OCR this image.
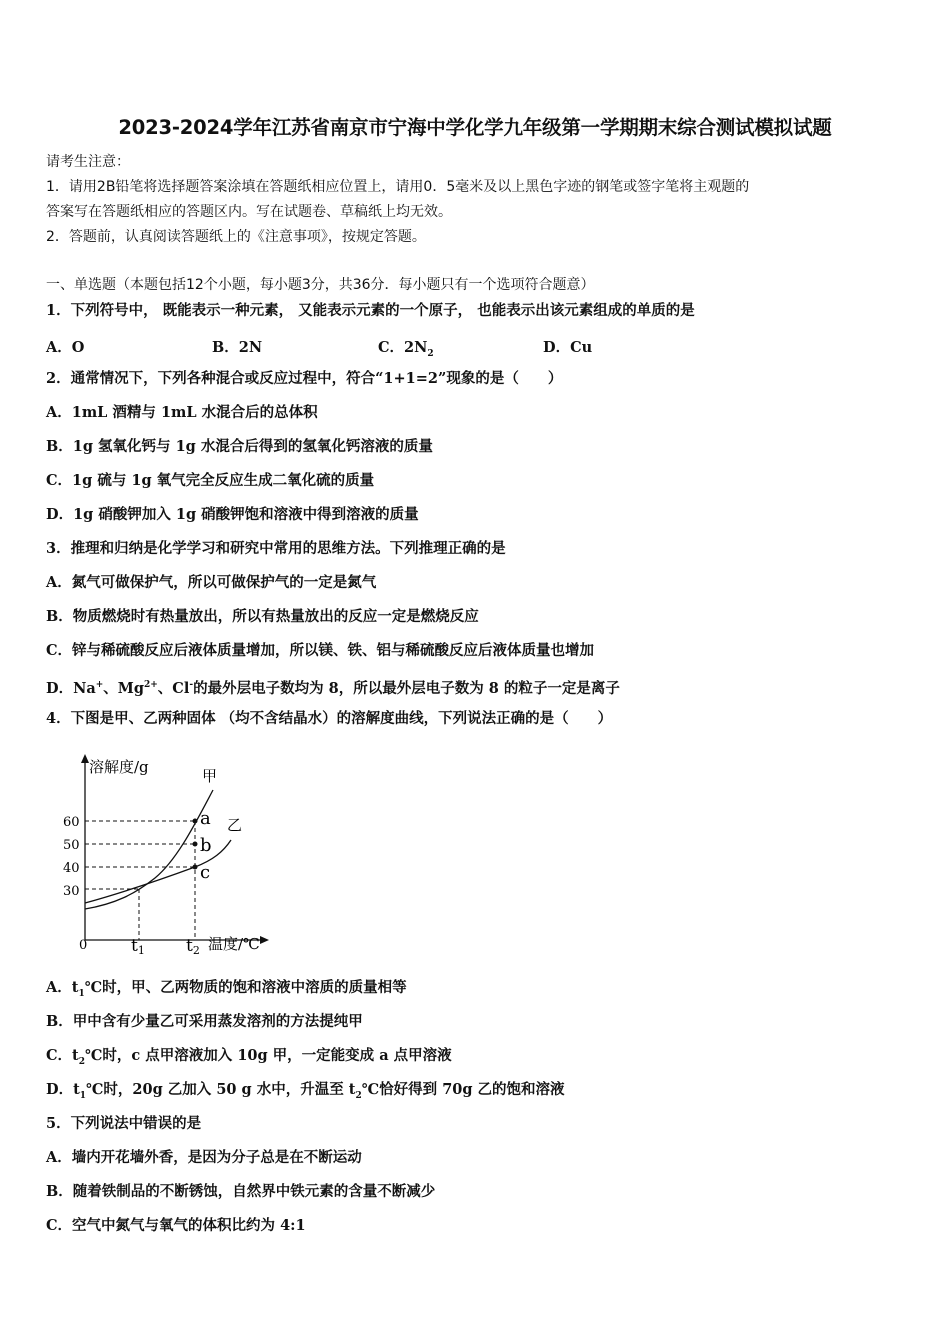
2023-2024学年江苏省南京市宁海中学化学九年级第一学期期末综合测试模拟试题
请考生注意：
1．请用2B铅笔将选择题答案涂填在答题纸相应位置上，请用0．5毫米及以上黑色字迹的钢笔或签字笔将主观题的
答案写在答题纸相应的答题区内。写在试题卷、草稿纸上均无效。
2．答题前，认真阅读答题纸上的《注意事项》，按规定答题。
一、单选题（本题包括12个小题，每小题3分，共36分．每小题只有一个选项符合题意）
1．下列符号中， 既能表示一种元素， 又能表示元素的一个原子， 也能表示出该元素组成的单质的是
A．O	B．2N	C．$2N_2$	D．Cu
2．通常情况下，下列各种混合或反应过程中，符合“1+1=2”现象的是（　　）
A．1mL 酒精与 1mL 水混合后的总体积
B．1g 氢氧化钙与 1g 水混合后得到的氢氧化钙溶液的质量
C．1g 硫与 1g 氧气完全反应生成二氧化硫的质量
D．1g 硝酸钾加入 1g 硝酸钾饱和溶液中得到溶液的质量
3．推理和归纳是化学学习和研究中常用的思维方法。下列推理正确的是
A．氮气可做保护气，所以可做保护气的一定是氮气
B．物质燃烧时有热量放出，所以有热量放出的反应一定是燃烧反应
C．锌与稀硫酸反应后液体质量增加，所以镁、铁、铝与稀硫酸反应后液体质量也增加
D．Na+、$Mg^{2+}$、Cl-的最外层电子数均为 8，所以最外层电子数为 8 的粒子一定是离子
4．下图是甲、乙两种固体 （均不含结晶水）的溶解度曲线，下列说法正确的是（　　）
溶解度/g
60
50
40
30
0	t1 t2 温度/℃
甲
乙
a
b
c
A．$t_1℃$时，甲、乙两物质的饱和溶液中溶质的质量相等
B．甲中含有少量乙可采用蒸发溶剂的方法提纯甲
C．$t_2℃$时，c 点甲溶液加入 10g 甲，一定能变成 a 点甲溶液
D．$t_1℃$时，20g 乙加入 50 g 水中，升温至 $t_2℃$恰好得到 70g 乙的饱和溶液
5．下列说法中错误的是
A．墙内开花墙外香，是因为分子总是在不断运动
B．随着铁制品的不断锈蚀，自然界中铁元素的含量不断减少
C．空气中氮气与氧气的体积比约为 4:1
